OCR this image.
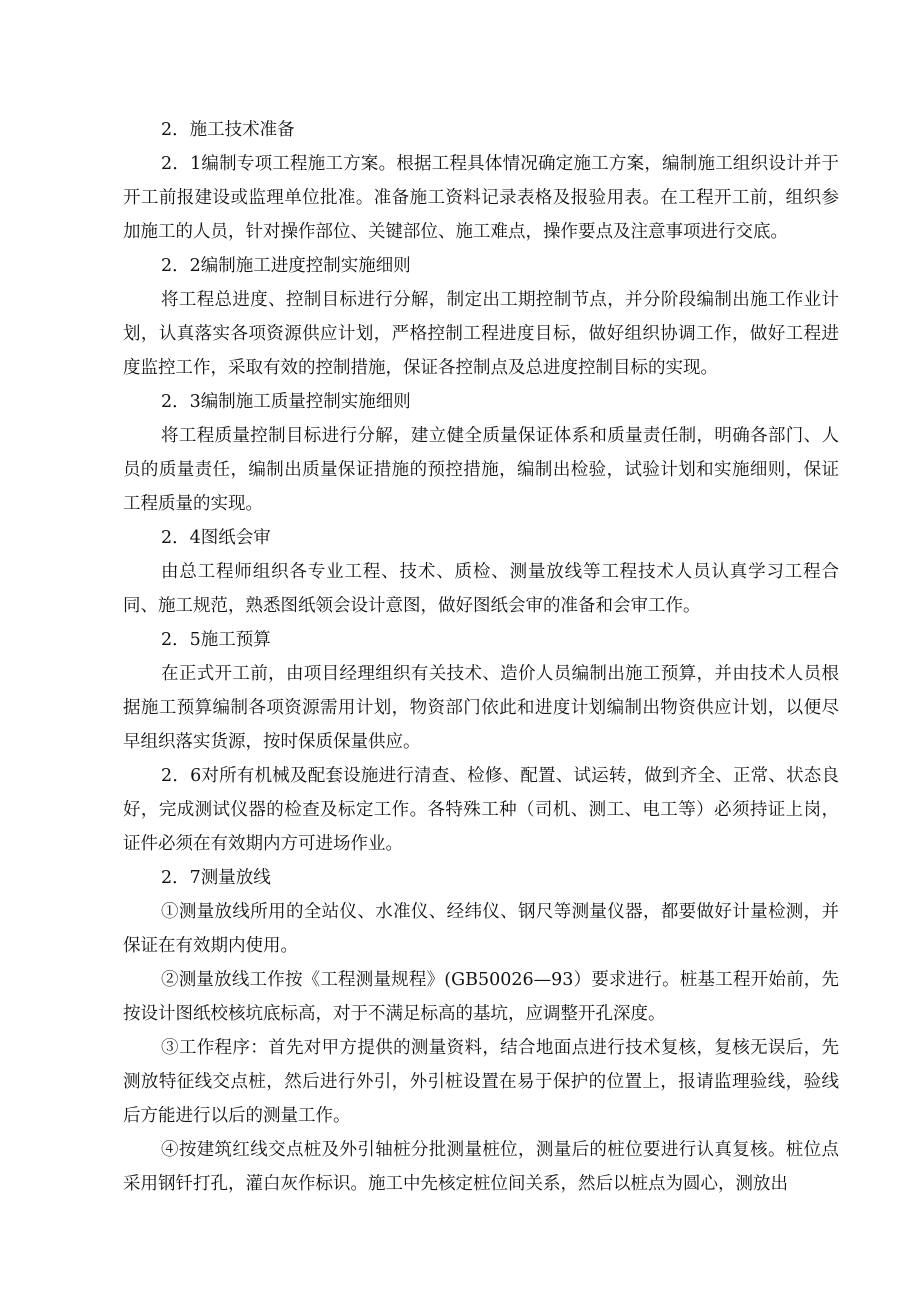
2．施工技术准备

2．1编制专项工程施工方案。根据工程具体情况确定施工方案，编制施工组织设计并于开工前报建设或监理单位批准。准备施工资料记录表格及报验用表。在工程开工前，组织参加施工的人员，针对操作部位、关键部位、施工难点，操作要点及注意事项进行交底。

2．2编制施工进度控制实施细则

将工程总进度、控制目标进行分解，制定出工期控制节点，并分阶段编制出施工作业计划，认真落实各项资源供应计划，严格控制工程进度目标，做好组织协调工作，做好工程进度监控工作，采取有效的控制措施，保证各控制点及总进度控制目标的实现。

2．3编制施工质量控制实施细则

将工程质量控制目标进行分解，建立健全质量保证体系和质量责任制，明确各部门、人员的质量责任，编制出质量保证措施的预控措施，编制出检验，试验计划和实施细则，保证工程质量的实现。

2．4图纸会审

由总工程师组织各专业工程、技术、质检、测量放线等工程技术人员认真学习工程合同、施工规范，熟悉图纸领会设计意图，做好图纸会审的准备和会审工作。

2．5施工预算

在正式开工前，由项目经理组织有关技术、造价人员编制出施工预算，并由技术人员根据施工预算编制各项资源需用计划，物资部门依此和进度计划编制出物资供应计划，以便尽早组织落实货源，按时保质保量供应。

2．6对所有机械及配套设施进行清查、检修、配置、试运转，做到齐全、正常、状态良好，完成测试仪器的检查及标定工作。各特殊工种（司机、测工、电工等）必须持证上岗，证件必须在有效期内方可进场作业。

2．7测量放线

①测量放线所用的全站仪、水准仪、经纬仪、钢尺等测量仪器，都要做好计量检测，并保证在有效期内使用。

②测量放线工作按《工程测量规程》(GB50026—93）要求进行。桩基工程开始前，先按设计图纸校核坑底标高，对于不满足标高的基坑，应调整开孔深度。

③工作程序：首先对甲方提供的测量资料，结合地面点进行技术复核，复核无误后，先测放特征线交点桩，然后进行外引，外引桩设置在易于保护的位置上，报请监理验线，验线后方能进行以后的测量工作。

④按建筑红线交点桩及外引轴桩分批测量桩位，测量后的桩位要进行认真复核。桩位点采用钢钎打孔，灌白灰作标识。施工中先核定桩位间关系，然后以桩点为圆心，测放出
